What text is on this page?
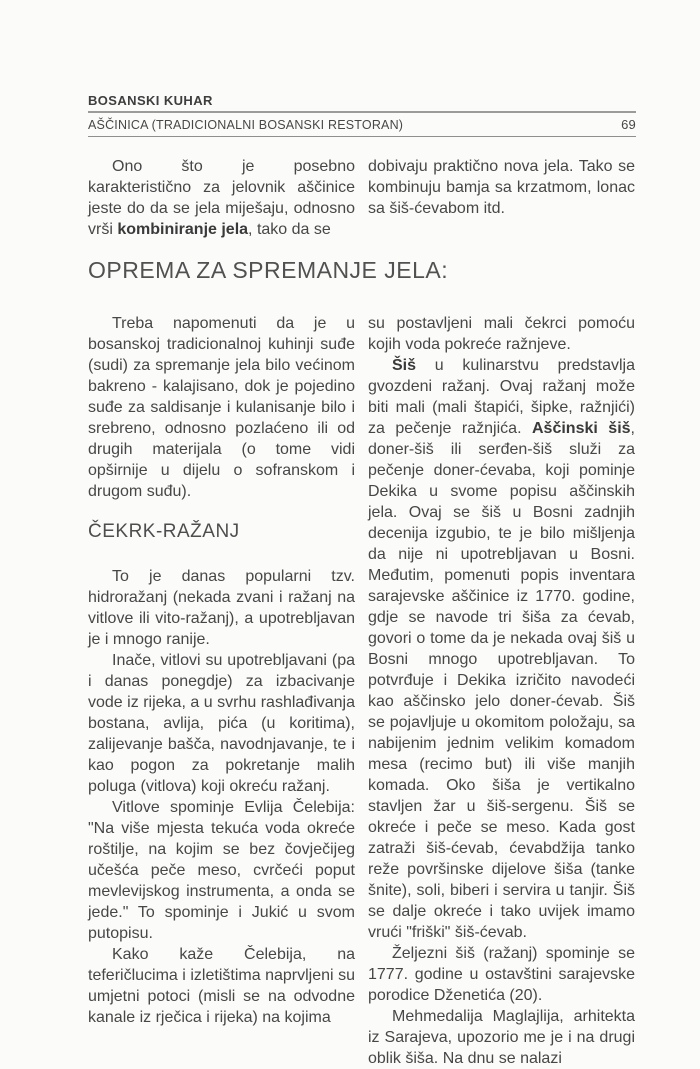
BOSANSKI KUHAR
AŠČINICA (TRADICIONALNI BOSANSKI RESTORAN)	69

Ono što je posebno karakteristično za jelovnik aščinice jeste do da se jela miješaju, odnosno vrši kombiniranje jela, tako da se

dobivaju praktično nova jela. Tako se kombinuju bamja sa krzatmom, lonac sa šiš-ćevabom itd.

OPREMA ZA SPREMANJE JELA:

Treba napomenuti da je u bosanskoj tradicionalnoj kuhinji suđe (sudi) za spremanje jela bilo većinom bakreno - kalajisano, dok je pojedino suđe za saldisanje i kulanisanje bilo i srebreno, odnosno pozlaćeno ili od drugih materijala (o tome vidi opširnije u dijelu o sofranskom i drugom suđu).

ČEKRK-RAŽANJ

To je danas popularni tzv. hidroražanj (nekada zvani i ražanj na vitlove ili vito-ražanj), a upotrebljavan je i mnogo ranije.

Inače, vitlovi su upotrebljavani (pa i danas ponegdje) za izbacivanje vode iz rijeka, a u svrhu rashlađivanja bostana, avlija, pića (u koritima), zalijevanje bašča, navodnjavanje, te i kao pogon za pokretanje malih poluga (vitlova) koji okreću ražanj.

Vitlove spominje Evlija Čelebija: "Na više mjesta tekuća voda okreće roštilje, na kojim se bez čovječijeg učešća peče meso, cvrčeći poput mevlevijskog instrumenta, a onda se jede." To spominje i Jukić u svom putopisu.

Kako kaže Čelebija, na teferičlucima i izletištima naprvljeni su umjetni potoci (misli se na odvodne kanale iz rječica i rijeka) na kojima

su postavljeni mali čekrci pomoću kojih voda pokreće ražnjeve.

Šiš u kulinarstvu predstavlja gvozdeni ražanj. Ovaj ražanj može biti mali (mali štapići, šipke, ražnjići) za pečenje ražnjića. Aščinski šiš, doner-šiš ili serđen-šiš služi za pečenje doner-ćevaba, koji pominje Dekika u svome popisu aščinskih jela. Ovaj se šiš u Bosni zadnjih decenija izgubio, te je bilo mišljenja da nije ni upotrebljavan u Bosni. Međutim, pomenuti popis inventara sarajevske aščinice iz 1770. godine, gdje se navode tri šiša za ćevab, govori o tome da je nekada ovaj šiš u Bosni mnogo upotrebljavan. To potvrđuje i Dekika izričito navodeći kao aščinsko jelo doner-ćevab. Šiš se pojavljuje u okomitom položaju, sa nabijenim jednim velikim komadom mesa (recimo but) ili više manjih komada. Oko šiša je vertikalno stavljen žar u šiš-sergenu. Šiš se okreće i peče se meso. Kada gost zatraži šiš-ćevab, ćevabdžija tanko reže površinske dijelove šiša (tanke šnite), soli, biberi i servira u tanjir. Šiš se dalje okreće i tako uvijek imamo vrući "friški" šiš-ćevab.

Željezni šiš (ražanj) spominje se 1777. godine u ostavštini sarajevske porodice Dženetića (20).

Mehmedalija Maglajlija, arhitekta iz Sarajeva, upozorio me je i na drugi oblik šiša. Na dnu se nalazi
